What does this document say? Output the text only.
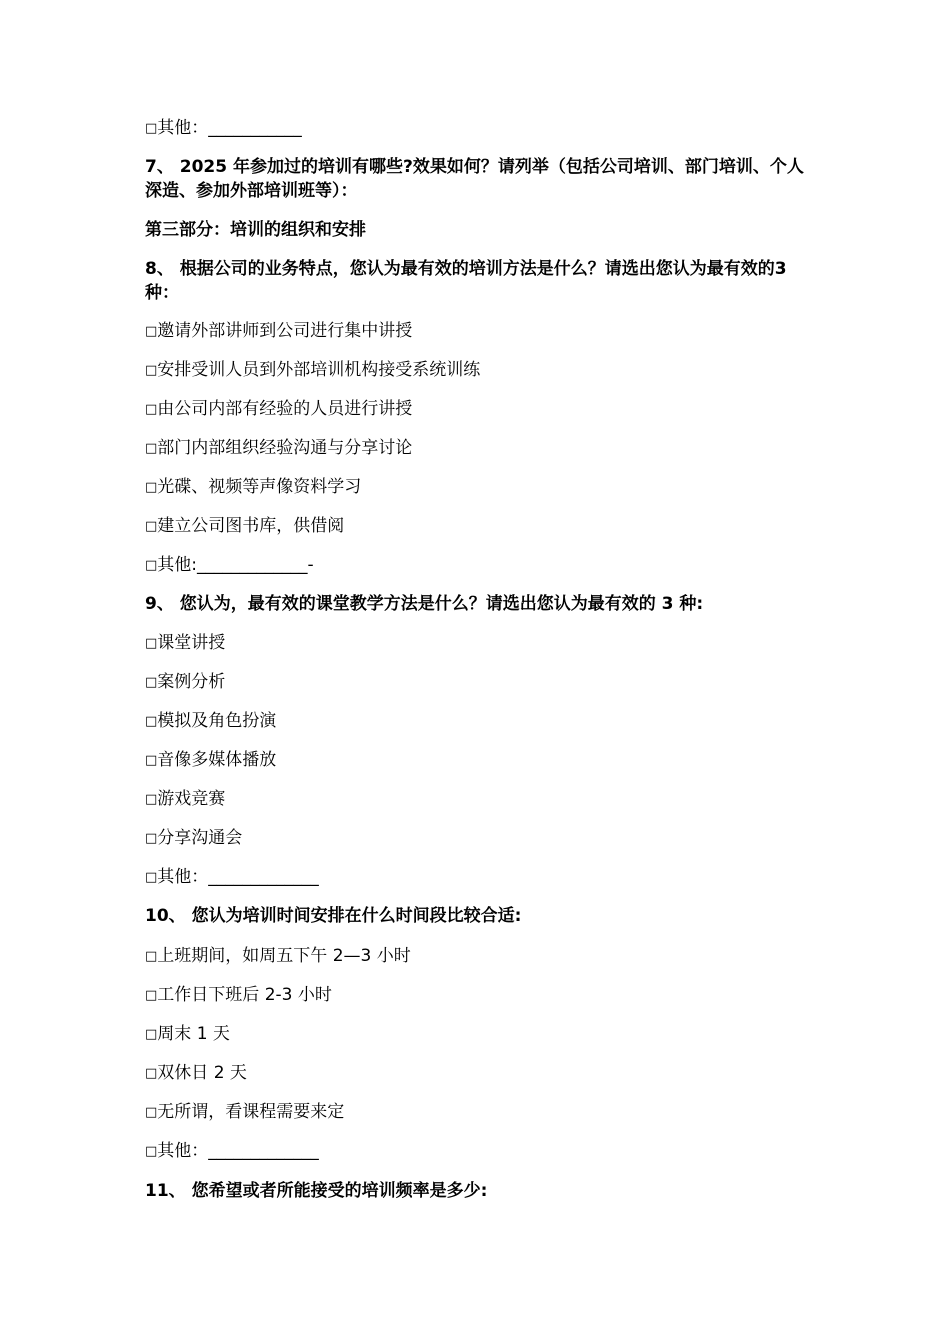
□其他：___________
7、 2025 年参加过的培训有哪些?效果如何？请列举（包括公司培训、部门培训、个人深造、参加外部培训班等）：
第三部分：培训的组织和安排
8、 根据公司的业务特点，您认为最有效的培训方法是什么？请选出您认为最有效的3 种：
□邀请外部讲师到公司进行集中讲授
□安排受训人员到外部培训机构接受系统训练
□由公司内部有经验的人员进行讲授
□部门内部组织经验沟通与分享讨论
□光碟、视频等声像资料学习
□建立公司图书库，供借阅
□其他:_____________-
9、 您认为，最有效的课堂教学方法是什么？请选出您认为最有效的 3 种:
□课堂讲授
□案例分析
□模拟及角色扮演
□音像多媒体播放
□游戏竞赛
□分享沟通会
□其他：_____________
10、 您认为培训时间安排在什么时间段比较合适:
□上班期间，如周五下午 2—3 小时
□工作日下班后 2-3 小时
□周末 1 天
□双休日 2 天
□无所谓，看课程需要来定
□其他：_____________
11、 您希望或者所能接受的培训频率是多少:
